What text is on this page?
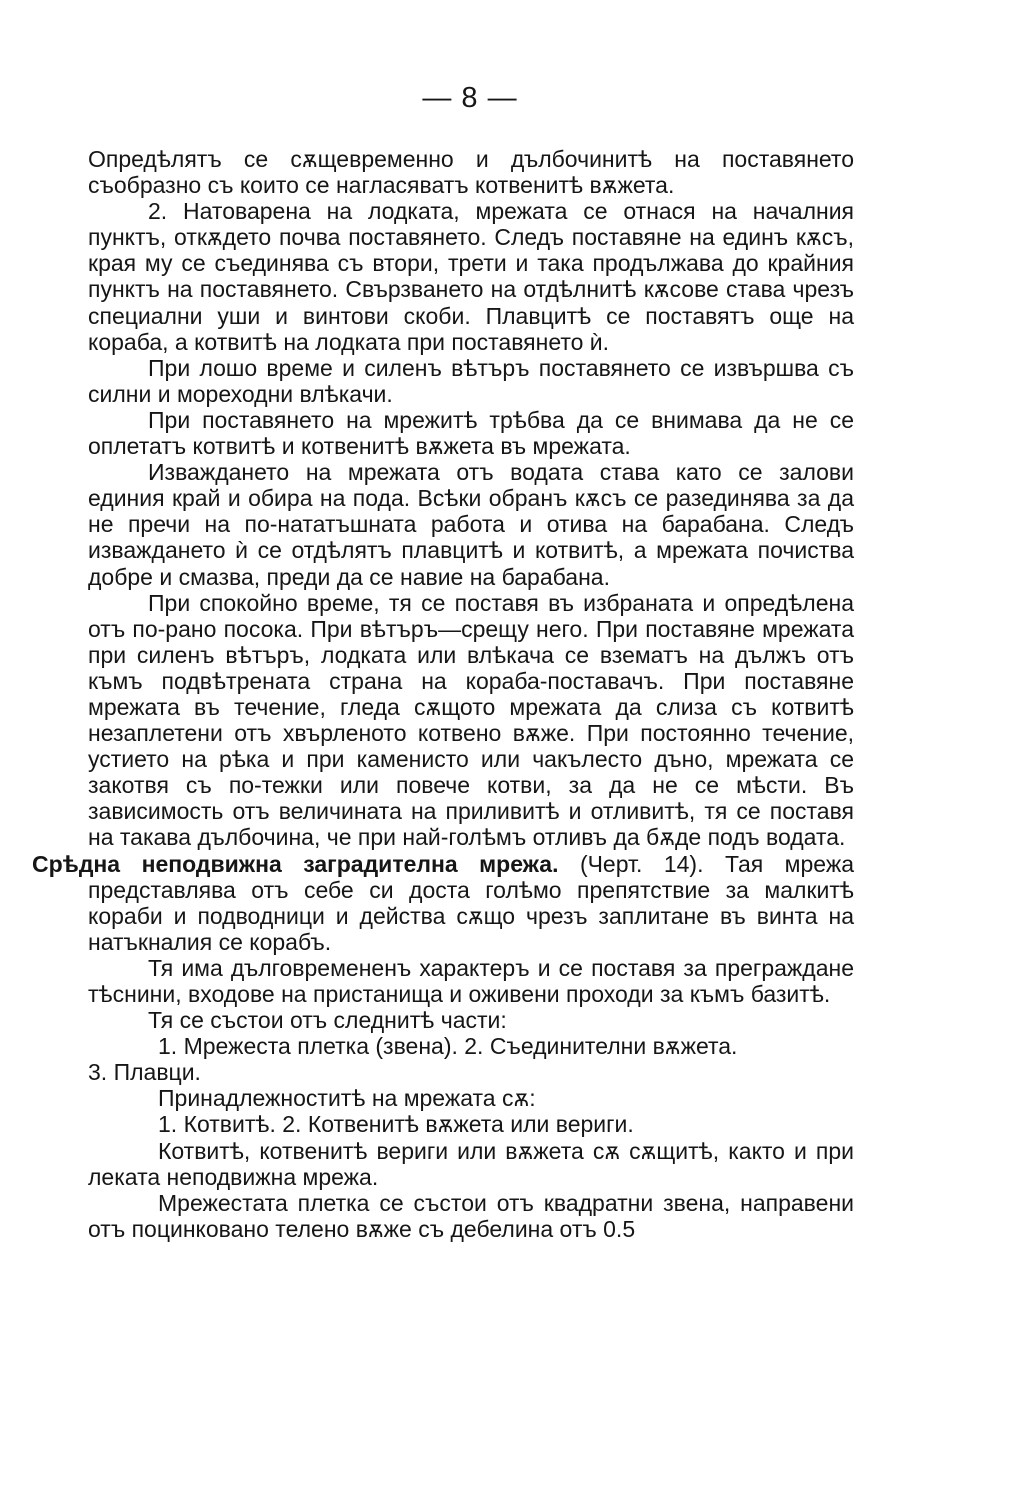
— 8 —

Опредѣлятъ се сѫщевременно и дълбочинитѣ на поставянето съобразно съ които се нагласяватъ котвенитѣ вѫжета.

2. Натоварена на лодката, мрежата се отнася на началния пунктъ, откѫдето почва поставянето. Следъ поставяне на единъ кѫсъ, края му се съединява съ втори, трети и така продължава до крайния пунктъ на поставянето. Свързването на отдѣлнитѣ кѫсове става чрезъ специални уши и винтови скоби. Плавцитѣ се поставятъ още на кораба, а котвитѣ на лодката при поставянето ѝ.

При лошо време и силенъ вѣтъръ поставянето се извършва съ силни и мореходни влѣкачи.

При поставянето на мрежитѣ трѣбва да се внимава да не се оплетатъ котвитѣ и котвенитѣ вѫжета въ мрежата.

Изваждането на мрежата отъ водата става като се залови единия край и обира на пода. Всѣки обранъ кѫсъ се разединява за да не пречи на по-нататъшната работа и отива на барабана. Следъ изваждането ѝ се отдѣлятъ плавцитѣ и котвитѣ, а мрежата почиства добре и смазва, преди да се навие на барабана.

При спокойно време, тя се поставя въ избраната и опредѣлена отъ по-рано посока. При вѣтъръ—срещу него. При поставяне мрежата при силенъ вѣтъръ, лодката или влѣкача се взематъ на дължъ отъ къмъ подвѣтрената страна на кораба-поставачъ. При поставяне мрежата въ течение, гледа сѫщото мрежата да слиза съ котвитѣ незаплетени отъ хвърленото котвено вѫже. При постоянно течение, устието на рѣка и при каменисто или чакълесто дъно, мрежата се закотвя съ по-тежки или повече котви, за да не се мѣсти. Въ зависимость отъ величината на приливитѣ и отливитѣ, тя се поставя на такава дълбочина, че при най-голѣмъ отливъ да бѫде подъ водата.

Срѣдна неподвижна заградителна мрежа. (Черт. 14). Тая мрежа представлява отъ себе си доста голѣмо препятствие за малкитѣ кораби и подводници и действа сѫщо чрезъ заплитане въ винта на натъкналия се корабъ.

Тя има дълговремененъ характеръ и се поставя за преграждане тѣснини, входове на пристанища и оживени проходи за къмъ базитѣ.

Тя се състои отъ следнитѣ части:

1. Мрежеста плетка (звена). 2. Съединителни вѫжета.

3. Плавци.

Принадлежноститѣ на мрежата сѫ:

1. Котвитѣ. 2. Котвенитѣ вѫжета или вериги.

Котвитѣ, котвенитѣ вериги или вѫжета сѫ сѫщитѣ, както и при леката неподвижна мрежа.

Мрежестата плетка се състои отъ квадратни звена, направени отъ поцинковано телено вѫже съ дебелина отъ 0.5
